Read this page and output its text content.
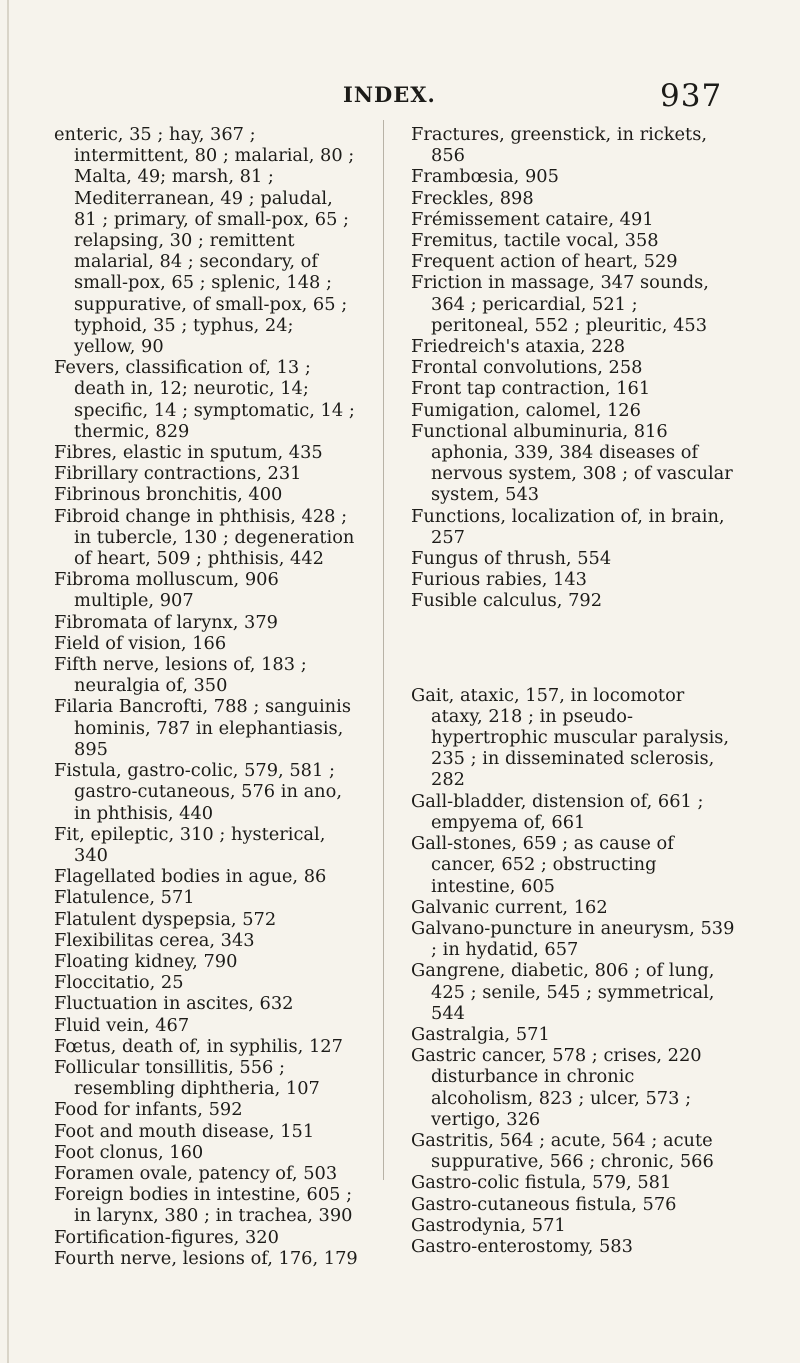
INDEX.	937

enteric, 35 ; hay, 367 ; intermittent, 80 ; malarial, 80 ; Malta, 49; marsh, 81 ; Mediterranean, 49 ; paludal, 81 ; primary, of small-pox, 65 ; relapsing, 30 ; remittent malarial, 84 ; secondary, of small-pox, 65 ; splenic, 148 ; suppurative, of small-pox, 65 ; typhoid, 35 ; typhus, 24; yellow, 90

Fevers, classification of, 13 ; death in, 12; neurotic, 14; specific, 14 ; symptomatic, 14 ; thermic, 829

Fibres, elastic in sputum, 435

Fibrillary contractions, 231

Fibrinous bronchitis, 400

Fibroid change in phthisis, 428 ; in tubercle, 130 ; degeneration of heart, 509 ; phthisis, 442

Fibroma molluscum, 906 multiple, 907

Fibromata of larynx, 379

Field of vision, 166

Fifth nerve, lesions of, 183 ; neuralgia of, 350

Filaria Bancrofti, 788 ; sanguinis hominis, 787 in elephantiasis, 895

Fistula, gastro-colic, 579, 581 ; gastro-cutaneous, 576 in ano, in phthisis, 440

Fit, epileptic, 310 ; hysterical, 340

Flagellated bodies in ague, 86

Flatulence, 571

Flatulent dyspepsia, 572

Flexibilitas cerea, 343

Floating kidney, 790

Floccitatio, 25

Fluctuation in ascites, 632

Fluid vein, 467

Fœtus, death of, in syphilis, 127

Follicular tonsillitis, 556 ; resembling diphtheria, 107

Food for infants, 592

Foot and mouth disease, 151

Foot clonus, 160

Foramen ovale, patency of, 503

Foreign bodies in intestine, 605 ; in larynx, 380 ; in trachea, 390

Fortification-figures, 320

Fourth nerve, lesions of, 176, 179

Fractures, greenstick, in rickets, 856

Frambœsia, 905

Freckles, 898

Frémissement cataire, 491

Fremitus, tactile vocal, 358

Frequent action of heart, 529

Friction in massage, 347 sounds, 364 ; pericardial, 521 ; peritoneal, 552 ; pleuritic, 453

Friedreich's ataxia, 228

Frontal convolutions, 258

Front tap contraction, 161

Fumigation, calomel, 126

Functional albuminuria, 816 aphonia, 339, 384 diseases of nervous system, 308 ; of vascular system, 543

Functions, localization of, in brain, 257

Fungus of thrush, 554

Furious rabies, 143

Fusible calculus, 792

Gait, ataxic, 157, in locomotor ataxy, 218 ; in pseudo-hypertrophic muscular paralysis, 235 ; in disseminated sclerosis, 282

Gall-bladder, distension of, 661 ; empyema of, 661

Gall-stones, 659 ; as cause of cancer, 652 ; obstructing intestine, 605

Galvanic current, 162

Galvano-puncture in aneurysm, 539 ; in hydatid, 657

Gangrene, diabetic, 806 ; of lung, 425 ; senile, 545 ; symmetrical, 544

Gastralgia, 571

Gastric cancer, 578 ; crises, 220 disturbance in chronic alcoholism, 823 ; ulcer, 573 ; vertigo, 326

Gastritis, 564 ; acute, 564 ; acute suppurative, 566 ; chronic, 566

Gastro-colic fistula, 579, 581

Gastro-cutaneous fistula, 576

Gastrodynia, 571

Gastro-enterostomy, 583
